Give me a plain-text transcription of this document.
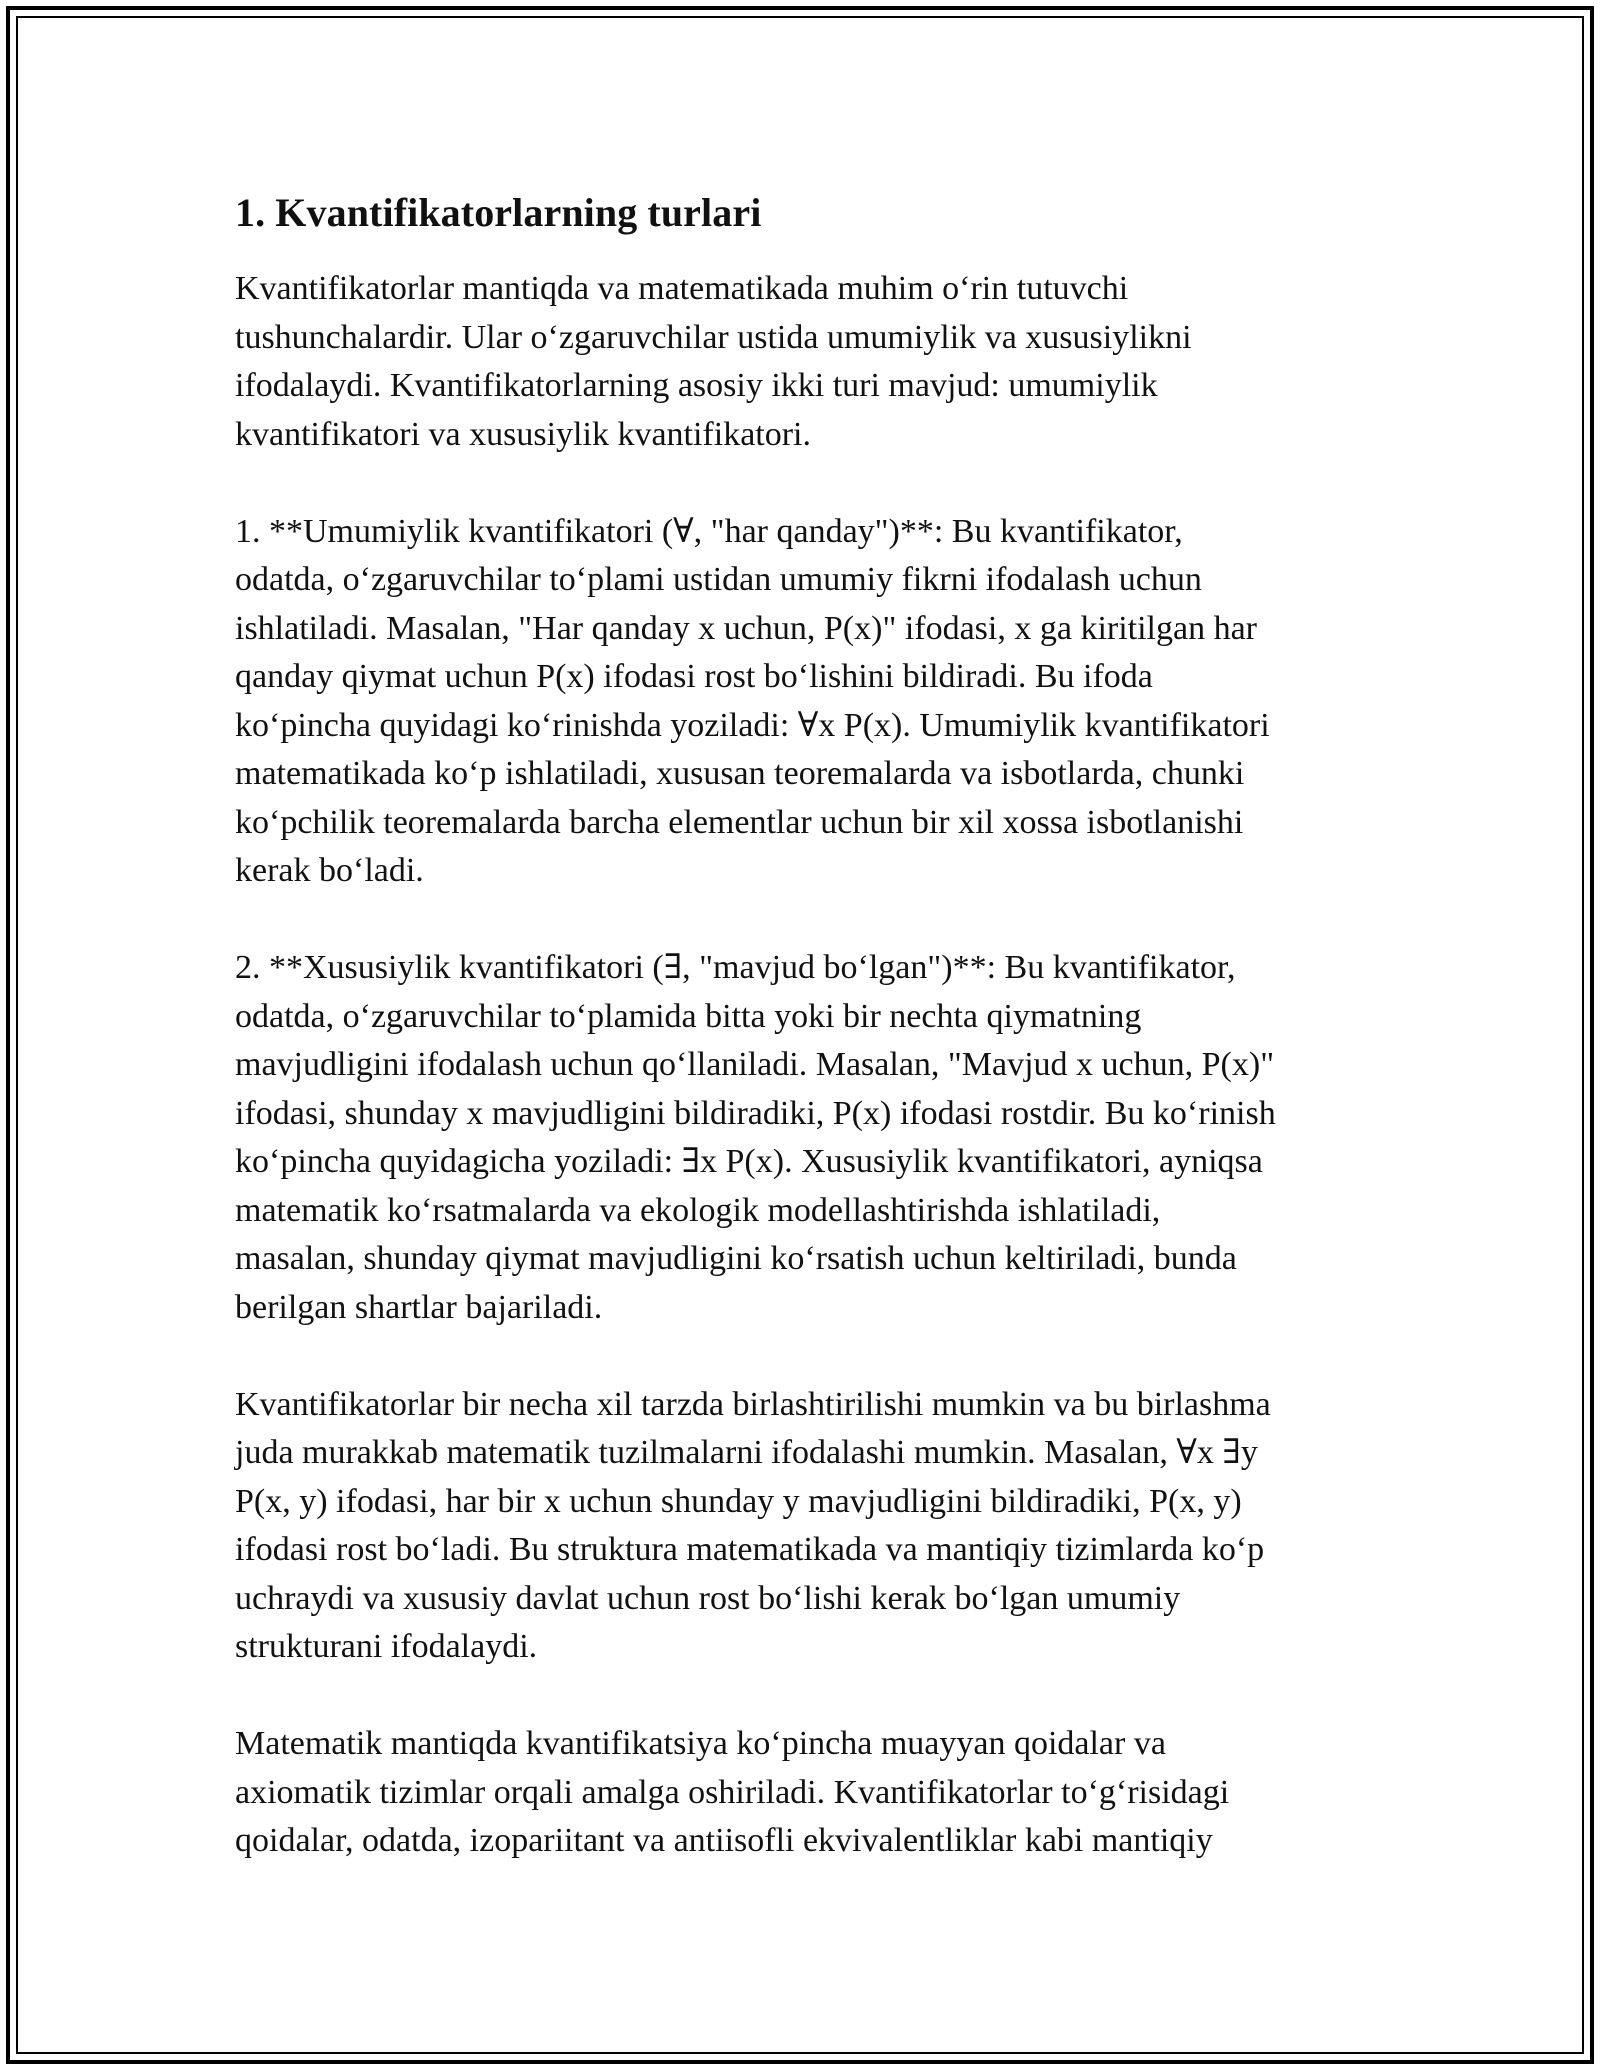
1. Kvantifikatorlarning turlari

Kvantifikatorlar mantiqda va matematikada muhim oʻrin tutuvchi
tushunchalardir. Ular oʻzgaruvchilar ustida umumiylik va xususiylikni
ifodalaydi. Kvantifikatorlarning asosiy ikki turi mavjud: umumiylik
kvantifikatori va xususiylik kvantifikatori.

1. **Umumiylik kvantifikatori (∀, "har qanday")**: Bu kvantifikator,
odatda, oʻzgaruvchilar toʻplami ustidan umumiy fikrni ifodalash uchun
ishlatiladi. Masalan, "Har qanday x uchun, P(x)" ifodasi, x ga kiritilgan har
qanday qiymat uchun P(x) ifodasi rost boʻlishini bildiradi. Bu ifoda
koʻpincha quyidagi koʻrinishda yoziladi: ∀x P(x). Umumiylik kvantifikatori
matematikada koʻp ishlatiladi, xususan teoremalarda va isbotlarda, chunki
koʻpchilik teoremalarda barcha elementlar uchun bir xil xossa isbotlanishi
kerak boʻladi.

2. **Xususiylik kvantifikatori (∃, "mavjud boʻlgan")**: Bu kvantifikator,
odatda, oʻzgaruvchilar toʻplamida bitta yoki bir nechta qiymatning
mavjudligini ifodalash uchun qoʻllaniladi. Masalan, "Mavjud x uchun, P(x)"
ifodasi, shunday x mavjudligini bildiradiki, P(x) ifodasi rostdir. Bu koʻrinish
koʻpincha quyidagicha yoziladi: ∃x P(x). Xususiylik kvantifikatori, ayniqsa
matematik koʻrsatmalarda va ekologik modellashtirishda ishlatiladi,
masalan, shunday qiymat mavjudligini koʻrsatish uchun keltiriladi, bunda
berilgan shartlar bajariladi.

Kvantifikatorlar bir necha xil tarzda birlashtirilishi mumkin va bu birlashma
juda murakkab matematik tuzilmalarni ifodalashi mumkin. Masalan, ∀x ∃y
P(x, y) ifodasi, har bir x uchun shunday y mavjudligini bildiradiki, P(x, y)
ifodasi rost boʻladi. Bu struktura matematikada va mantiqiy tizimlarda koʻp
uchraydi va xususiy davlat uchun rost boʻlishi kerak boʻlgan umumiy
strukturani ifodalaydi.

Matematik mantiqda kvantifikatsiya koʻpincha muayyan qoidalar va
axiomatik tizimlar orqali amalga oshiriladi. Kvantifikatorlar toʻgʻrisidagi
qoidalar, odatda, izopariitant va antiisofli ekvivalentliklar kabi mantiqiy
